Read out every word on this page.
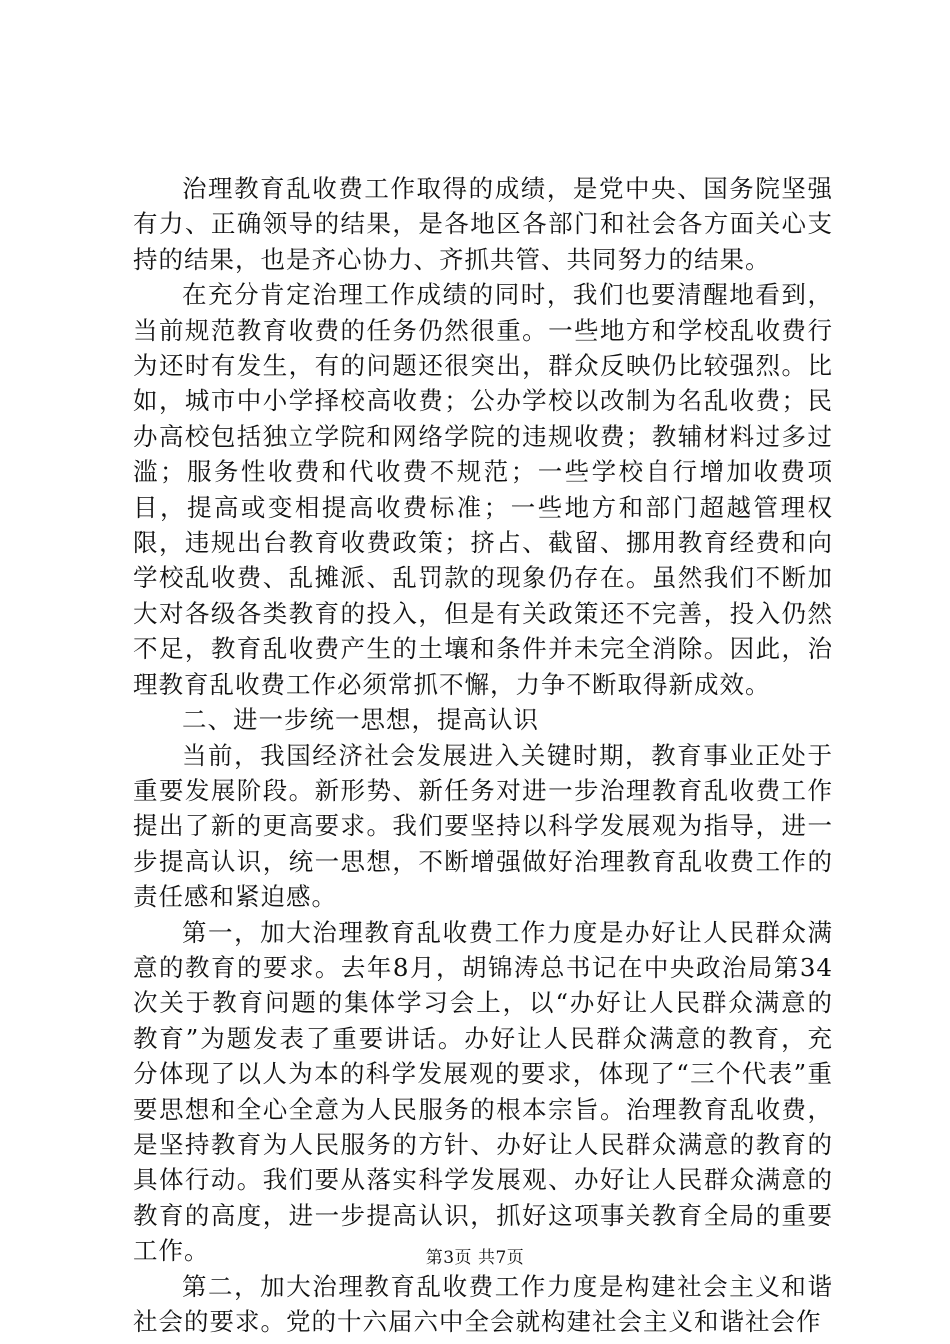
治理教育乱收费工作取得的成绩，是党中央、国务院坚强有力、正确领导的结果，是各地区各部门和社会各方面关心支持的结果，也是齐心协力、齐抓共管、共同努力的结果。

在充分肯定治理工作成绩的同时，我们也要清醒地看到，当前规范教育收费的任务仍然很重。一些地方和学校乱收费行为还时有发生，有的问题还很突出，群众反映仍比较强烈。比如，城市中小学择校高收费；公办学校以改制为名乱收费；民办高校包括独立学院和网络学院的违规收费；教辅材料过多过滥；服务性收费和代收费不规范；一些学校自行增加收费项目，提高或变相提高收费标准；一些地方和部门超越管理权限，违规出台教育收费政策；挤占、截留、挪用教育经费和向学校乱收费、乱摊派、乱罚款的现象仍存在。虽然我们不断加大对各级各类教育的投入，但是有关政策还不完善，投入仍然不足，教育乱收费产生的土壤和条件并未完全消除。因此，治理教育乱收费工作必须常抓不懈，力争不断取得新成效。

二、进一步统一思想，提高认识

当前，我国经济社会发展进入关键时期，教育事业正处于重要发展阶段。新形势、新任务对进一步治理教育乱收费工作提出了新的更高要求。我们要坚持以科学发展观为指导，进一步提高认识，统一思想，不断增强做好治理教育乱收费工作的责任感和紧迫感。

第一，加大治理教育乱收费工作力度是办好让人民群众满意的教育的要求。去年8月，胡锦涛总书记在中央政治局第34次关于教育问题的集体学习会上，以“办好让人民群众满意的教育”为题发表了重要讲话。办好让人民群众满意的教育，充分体现了以人为本的科学发展观的要求，体现了“三个代表”重要思想和全心全意为人民服务的根本宗旨。治理教育乱收费，是坚持教育为人民服务的方针、办好让人民群众满意的教育的具体行动。我们要从落实科学发展观、办好让人民群众满意的教育的高度，进一步提高认识，抓好这项事关教育全局的重要工作。

第二，加大治理教育乱收费工作力度是构建社会主义和谐社会的要求。党的十六届六中全会就构建社会主义和谐社会作

第3页 共7页
